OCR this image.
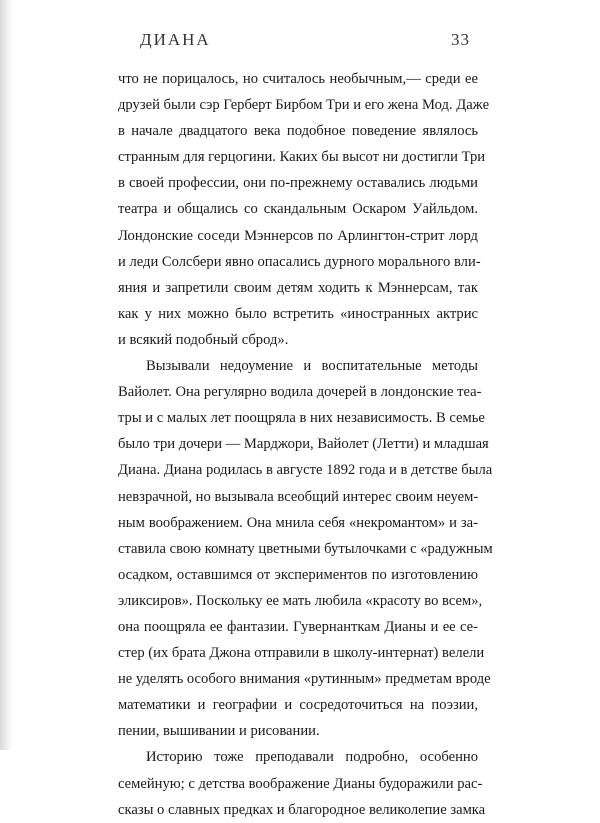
ДИАНА	33
что не порицалось, но считалось необычным,— среди ее
друзей были сэр Герберт Бирбом Три и его жена Мод. Даже
в начале двадцатого века подобное поведение являлось
странным для герцогини. Каких бы высот ни достигли Три
в своей профессии, они по-прежнему оставались людьми
театра и общались со скандальным Оскаром Уайльдом.
Лондонские соседи Мэннерсов по Арлингтон-стрит лорд
и леди Солсбери явно опасались дурного морального вли-
яния и запретили своим детям ходить к Мэннерсам, так
как у них можно было встретить «иностранных актрис
и всякий подобный сброд».
Вызывали недоумение и воспитательные методы
Вайолет. Она регулярно водила дочерей в лондонские теа-
тры и с малых лет поощряла в них независимость. В семье
было три дочери — Марджори, Вайолет (Летти) и младшая
Диана. Диана родилась в августе 1892 года и в детстве была
невзрачной, но вызывала всеобщий интерес своим неуем-
ным воображением. Она мнила себя «некромантом» и за-
ставила свою комнату цветными бутылочками с «радужным
осадком, оставшимся от экспериментов по изготовлению
эликсиров». Поскольку ее мать любила «красоту во всем»,
она поощряла ее фантазии. Гувернанткам Дианы и ее се-
стер (их брата Джона отправили в школу-интернат) велели
не уделять особого внимания «рутинным» предметам вроде
математики и географии и сосредоточиться на поэзии,
пении, вышивании и рисовании.
Историю тоже преподавали подробно, особенно
семейную; с детства воображение Дианы будоражили рас-
сказы о славных предках и благородное великолепие замка
